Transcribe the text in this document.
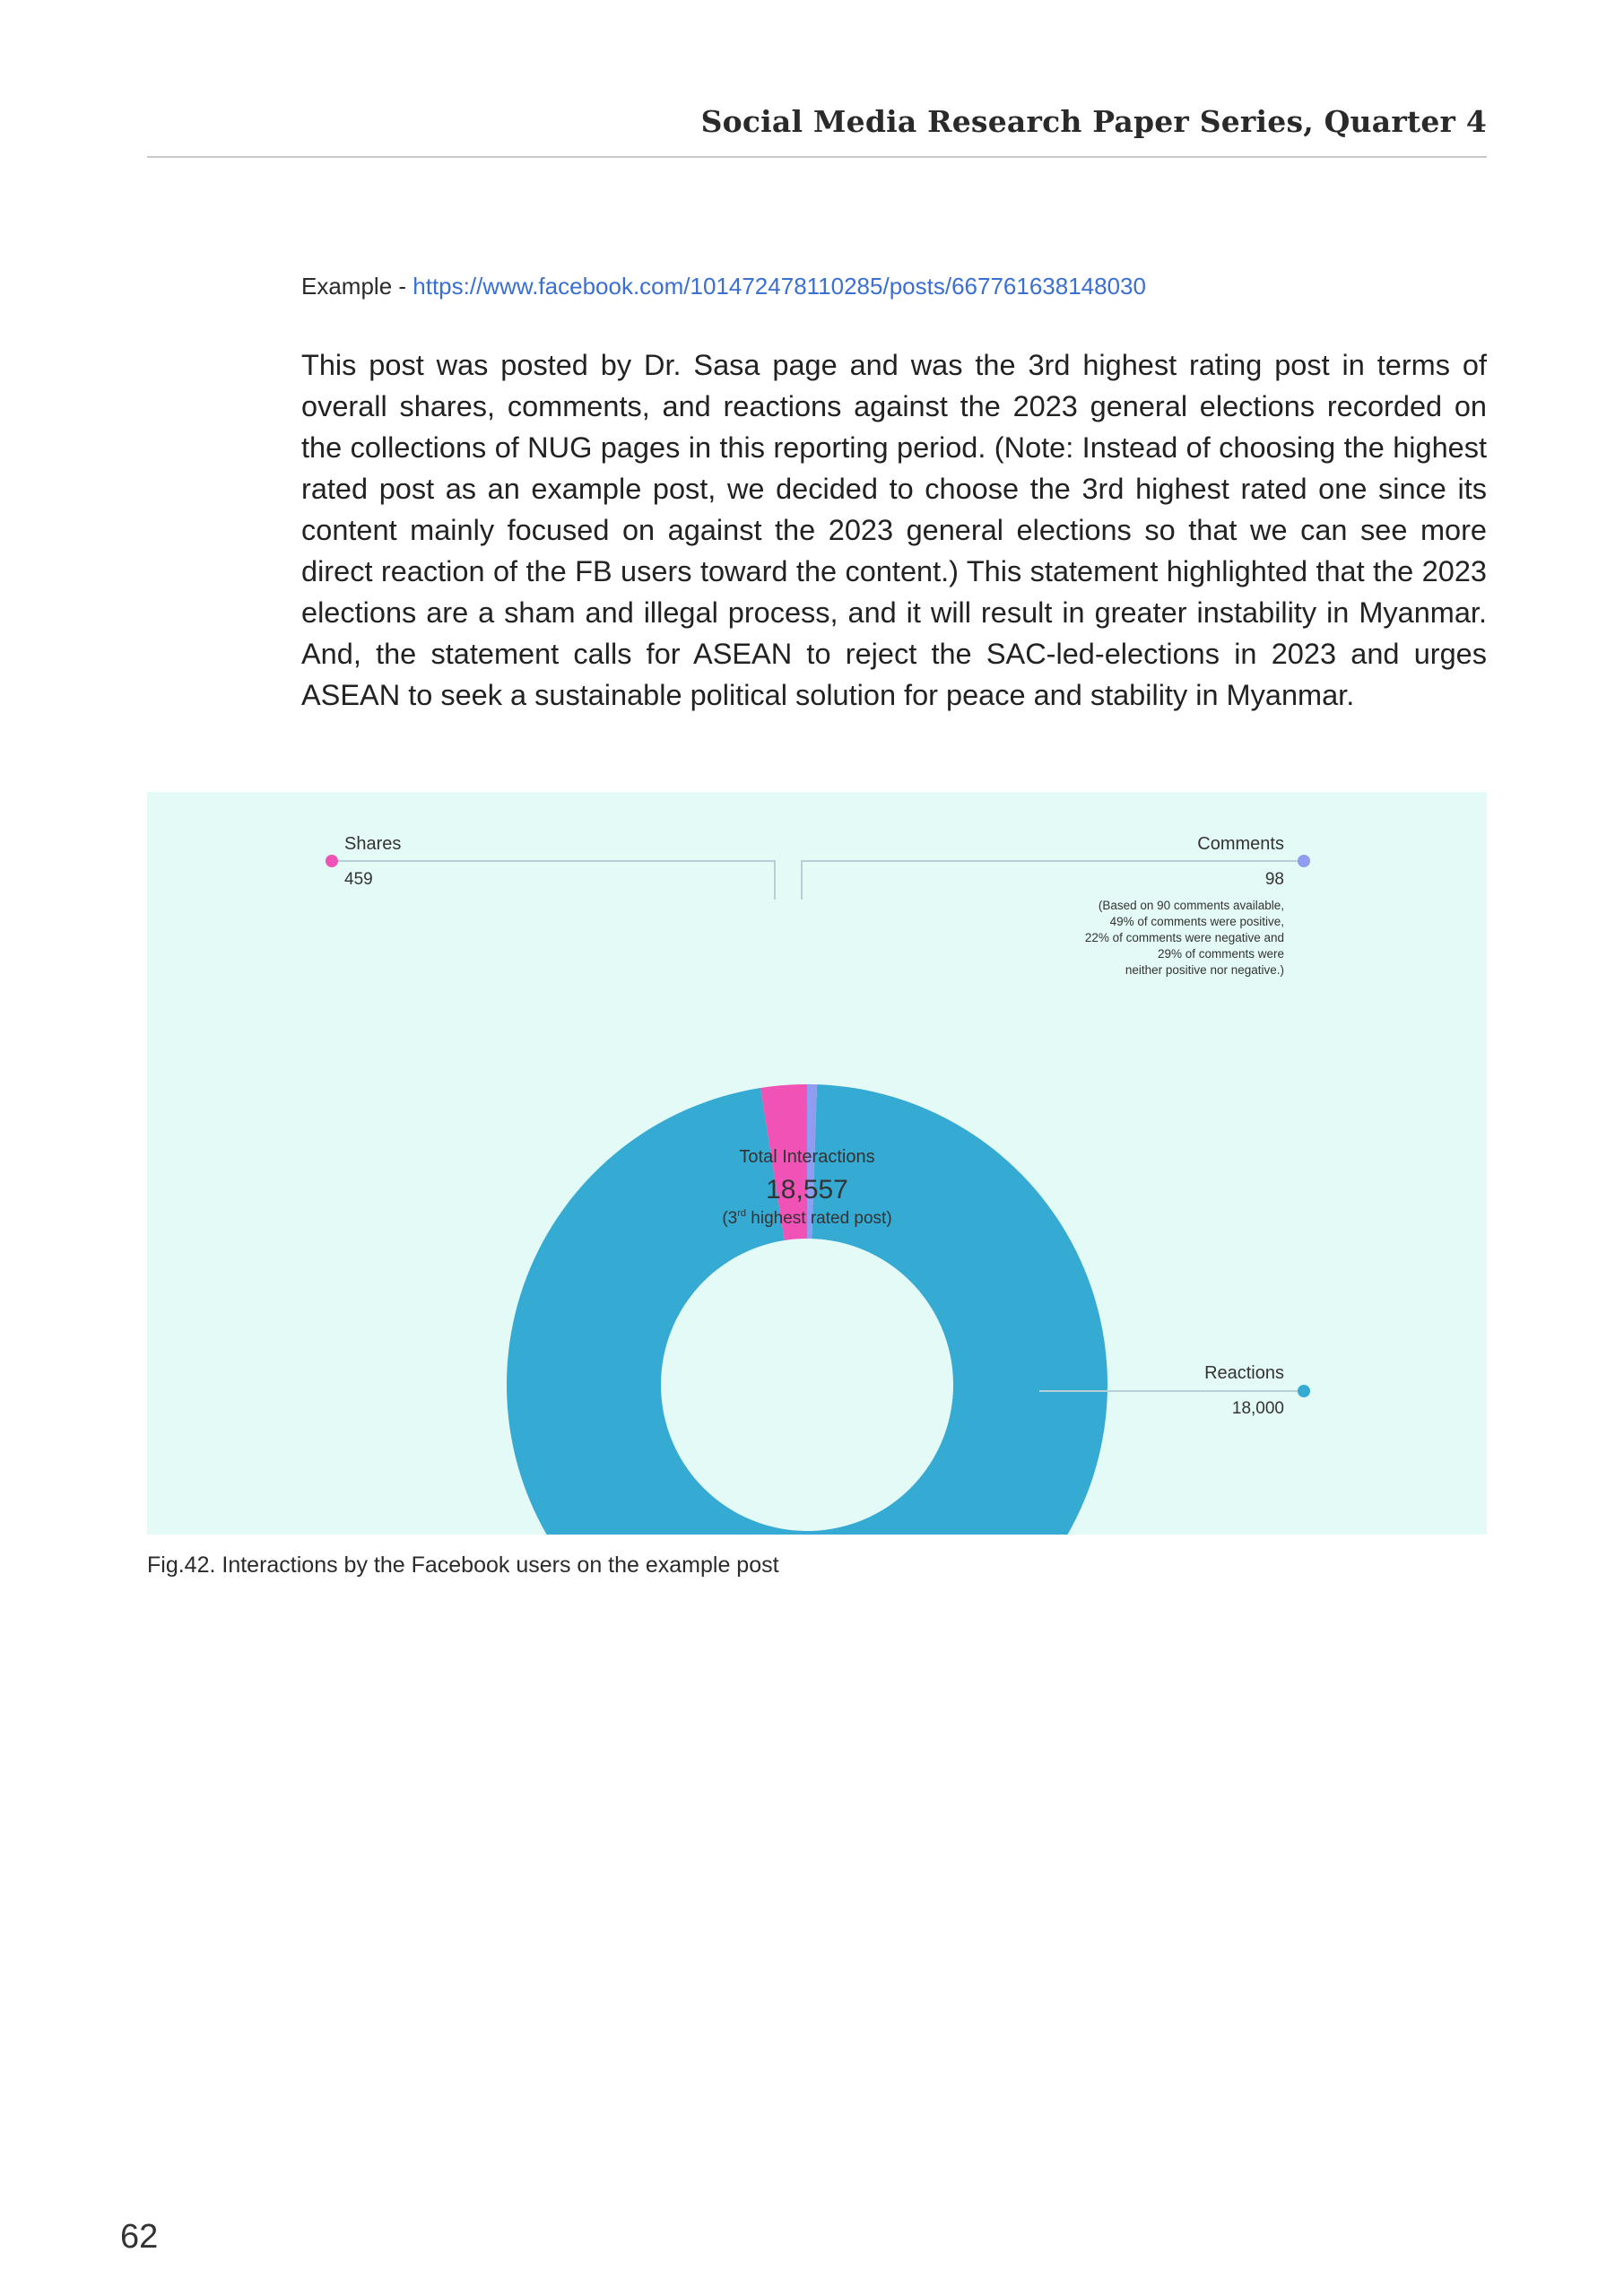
Social Media Research Paper Series, Quarter 4
Example - https://www.facebook.com/101472478110285/posts/667761638148030
This post was posted by Dr. Sasa page and was the 3rd highest rating post in terms of overall shares, comments, and reactions against the 2023 general elections recorded on the collections of NUG pages in this reporting period. (Note: Instead of choosing the highest rated post as an example post, we decided to choose the 3rd highest rated one since its content mainly focused on against the 2023 general elections so that we can see more direct reaction of the FB users toward the content.) This statement highlighted that the 2023 elections are a sham and illegal process, and it will result in greater instability in Myanmar. And, the statement calls for ASEAN to reject the SAC-led-elections in 2023 and urges ASEAN to seek a sustainable political solution for peace and stability in Myanmar.
Shares
459
Comments
98
(Based on 90 comments available,
49% of comments were positive,
22% of comments were negative and
29% of comments were
neither positive nor negative.)
Reactions
18,000
Total Interactions
18,557
(3rd highest rated post)
Fig.42. Interactions by the Facebook users on the example post
62
